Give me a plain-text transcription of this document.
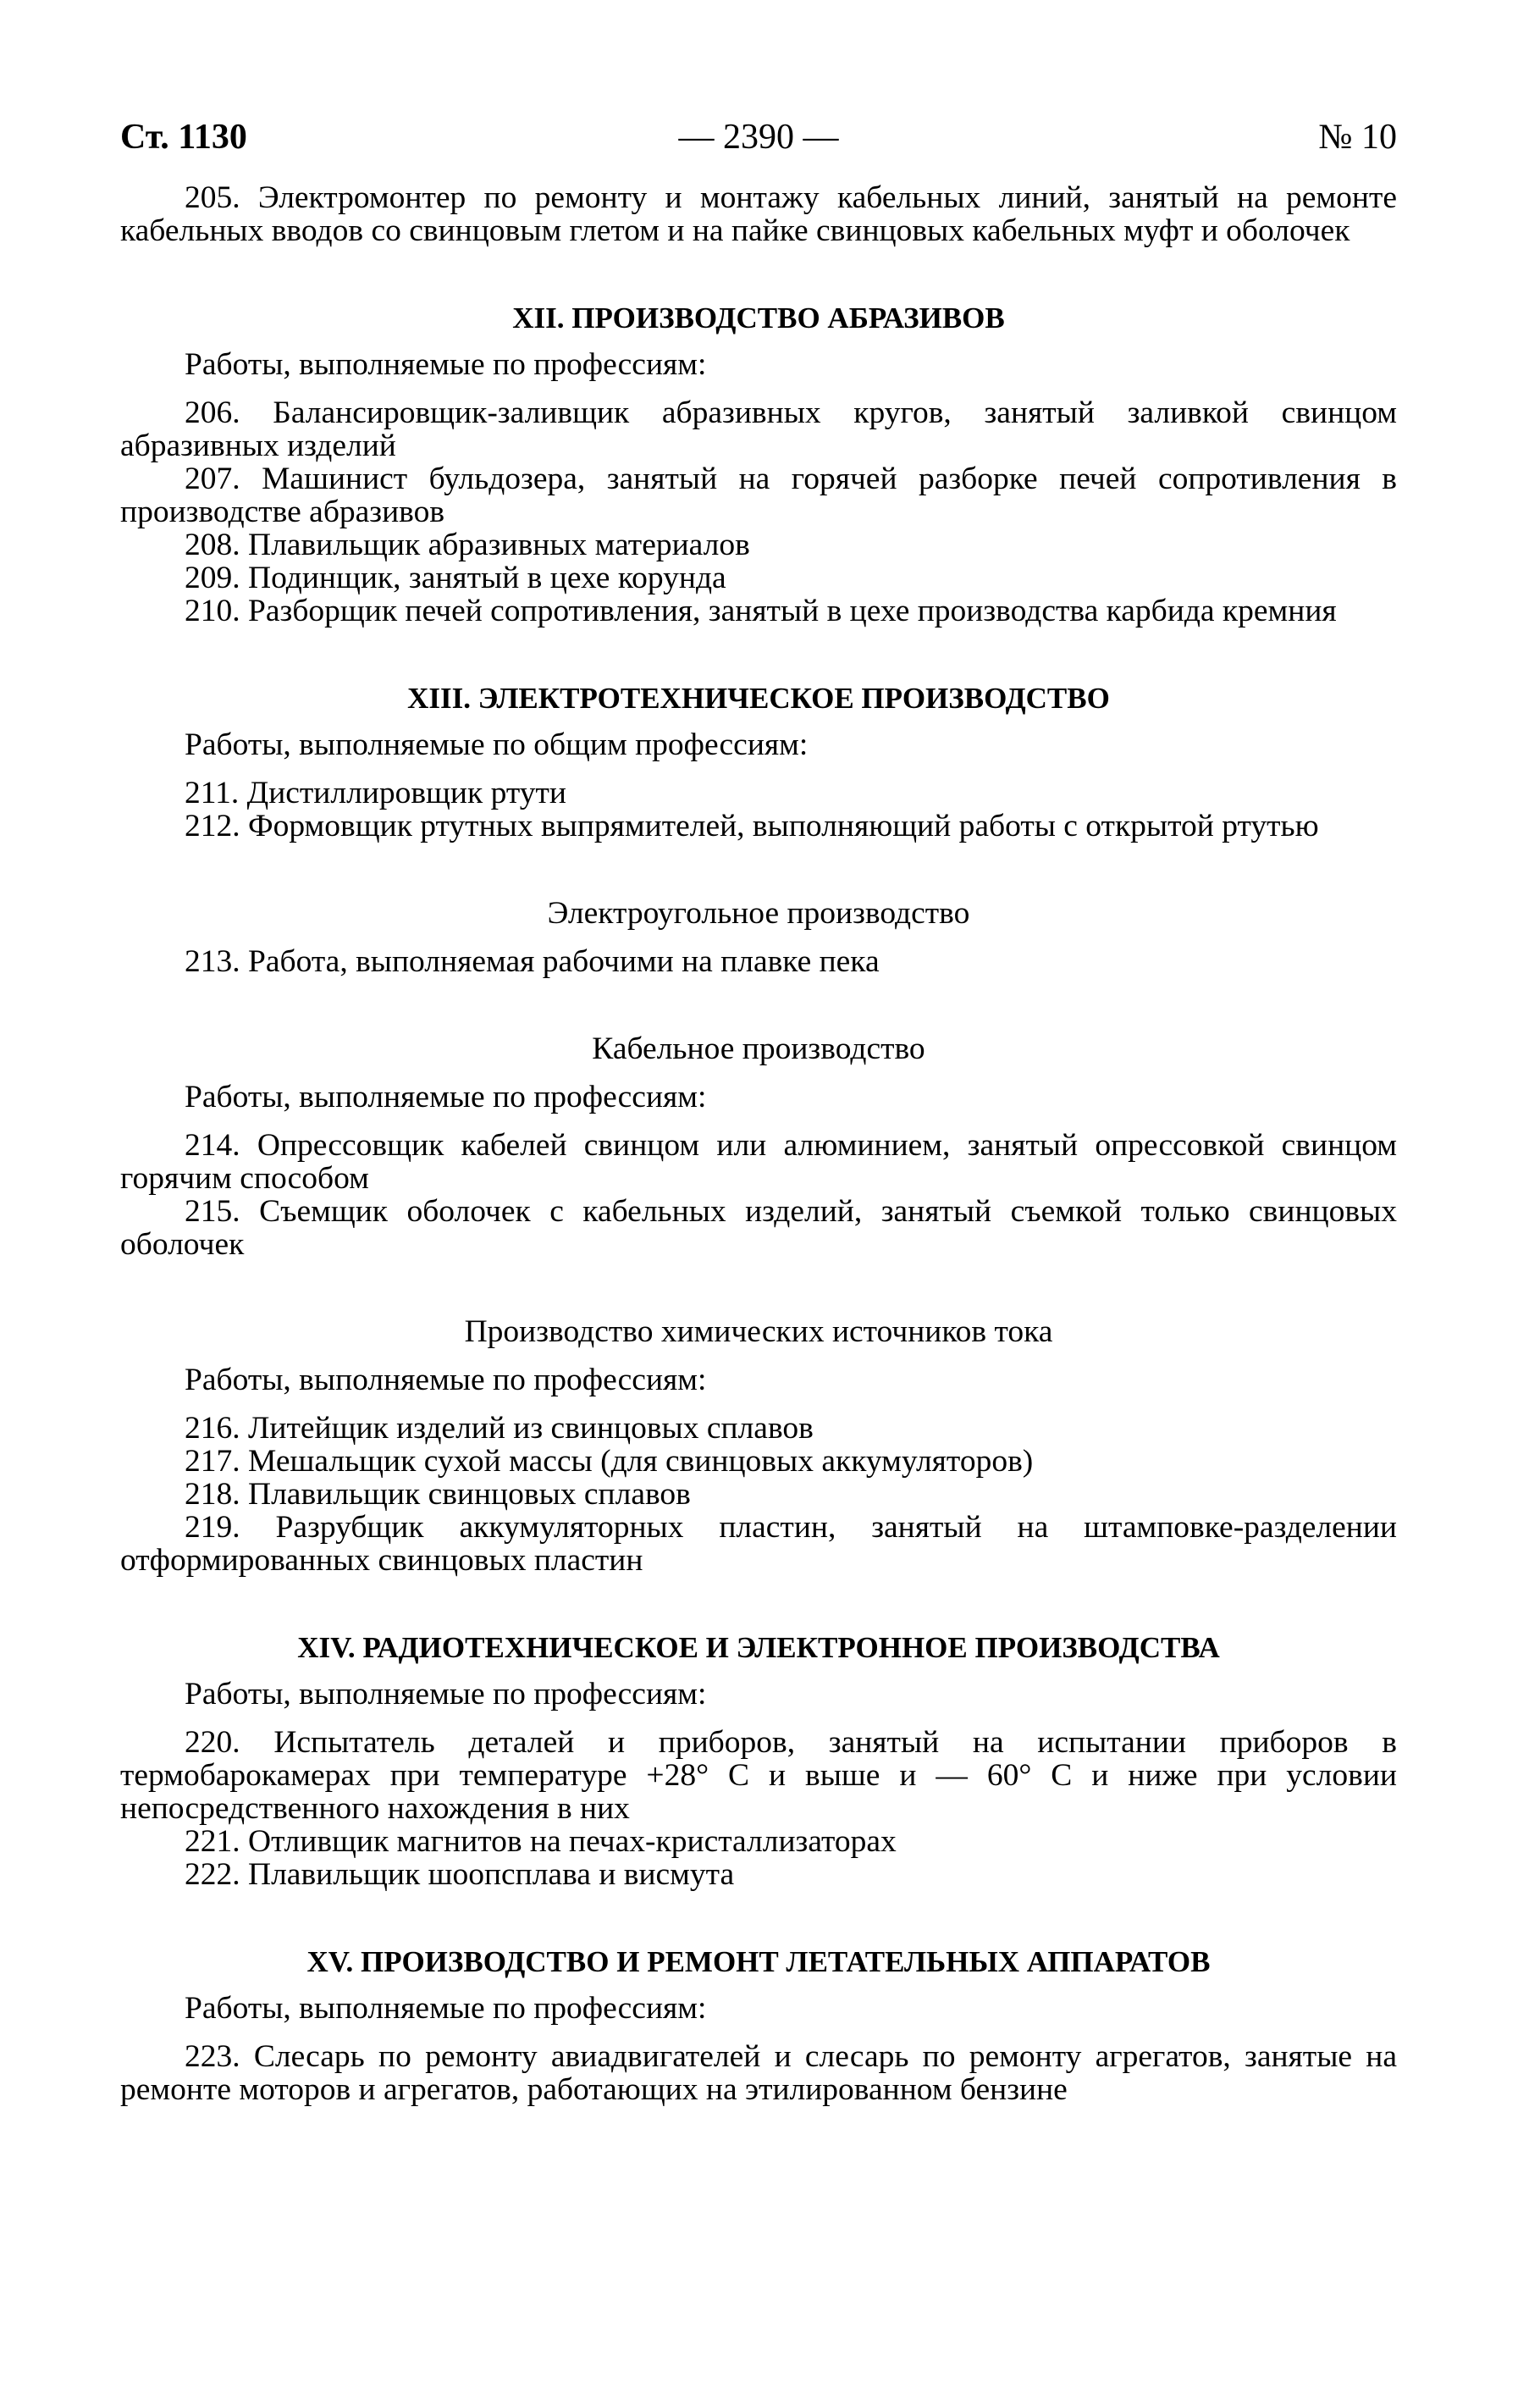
Ст. 1130	— 2390 —	№ 10

205. Электромонтер по ремонту и монтажу кабельных линий, занятый на ремонте кабельных вводов со свинцовым глетом и на пайке свинцовых кабельных муфт и оболочек

XII. ПРОИЗВОДСТВО АБРАЗИВОВ

Работы, выполняемые по профессиям:

206. Балансировщик-заливщик абразивных кругов, занятый заливкой свинцом абразивных изделий

207. Машинист бульдозера, занятый на горячей разборке печей сопротивления в производстве абразивов

208. Плавильщик абразивных материалов

209. Подинщик, занятый в цехе корунда

210. Разборщик печей сопротивления, занятый в цехе производства карбида кремния

XIII. ЭЛЕКТРОТЕХНИЧЕСКОЕ ПРОИЗВОДСТВО

Работы, выполняемые по общим профессиям:

211. Дистиллировщик ртути

212. Формовщик ртутных выпрямителей, выполняющий работы с открытой ртутью

Электроугольное производство

213. Работа, выполняемая рабочими на плавке пека

Кабельное производство

Работы, выполняемые по профессиям:

214. Опрессовщик кабелей свинцом или алюминием, занятый опрессовкой свинцом горячим способом

215. Съемщик оболочек с кабельных изделий, занятый съемкой только свинцовых оболочек

Производство химических источников тока

Работы, выполняемые по профессиям:

216. Литейщик изделий из свинцовых сплавов

217. Мешальщик сухой массы (для свинцовых аккумуляторов)

218. Плавильщик свинцовых сплавов

219. Разрубщик аккумуляторных пластин, занятый на штамповке-разделении отформированных свинцовых пластин

XIV. РАДИОТЕХНИЧЕСКОЕ И ЭЛЕКТРОННОЕ ПРОИЗВОДСТВА

Работы, выполняемые по профессиям:

220. Испытатель деталей и приборов, занятый на испытании приборов в термобарокамерах при температуре +28° С и выше и — 60° С и ниже при условии непосредственного нахождения в них

221. Отливщик магнитов на печах-кристаллизаторах

222. Плавильщик шоопсплава и висмута

XV. ПРОИЗВОДСТВО И РЕМОНТ ЛЕТАТЕЛЬНЫХ АППАРАТОВ

Работы, выполняемые по профессиям:

223. Слесарь по ремонту авиадвигателей и слесарь по ремонту агрегатов, занятые на ремонте моторов и агрегатов, работающих на этилированном бензине
